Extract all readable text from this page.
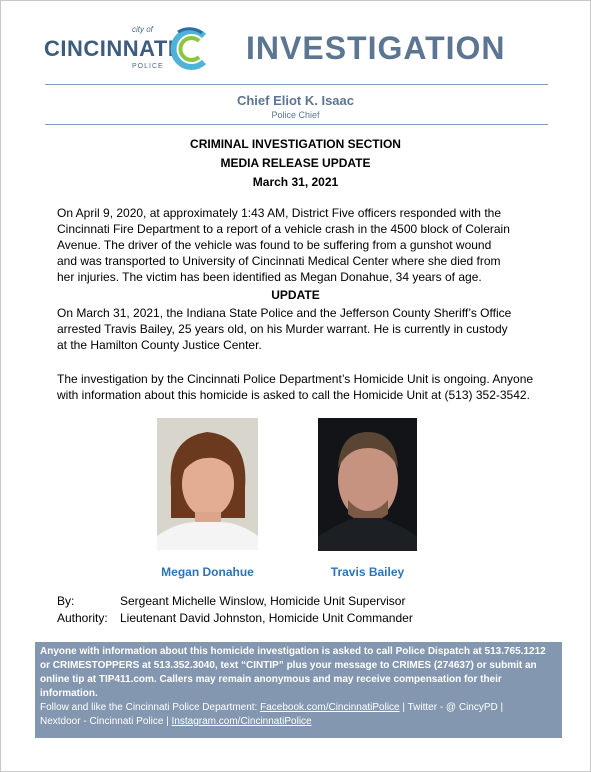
city of
CINCINNATI
POLICE
INVESTIGATION
Chief Eliot K. Isaac
Police Chief
CRIMINAL INVESTIGATION SECTION
MEDIA RELEASE UPDATE
March 31, 2021
On April 9, 2020, at approximately 1:43 AM, District Five officers responded with the
Cincinnati Fire Department to a report of a vehicle crash in the 4500 block of Colerain
Avenue. The driver of the vehicle was found to be suffering from a gunshot wound
and was transported to University of Cincinnati Medical Center where she died from
her injuries. The victim has been identified as Megan Donahue, 34 years of age.
UPDATE
On March 31, 2021, the Indiana State Police and the Jefferson County Sheriff’s Office
arrested Travis Bailey, 25 years old, on his Murder warrant. He is currently in custody
at the Hamilton County Justice Center.
The investigation by the Cincinnati Police Department’s Homicide Unit is ongoing. Anyone
with information about this homicide is asked to call the Homicide Unit at (513) 352-3542.
Megan Donahue	Travis Bailey
By:	Sergeant Michelle Winslow, Homicide Unit Supervisor
Authority: Lieutenant David Johnston, Homicide Unit Commander
Anyone with information about this homicide investigation is asked to call Police Dispatch at 513.765.1212
or CRIMESTOPPERS at 513.352.3040, text “CINTIP” plus your message to CRIMES (274637) or submit an
online tip at TIP411.com. Callers may remain anonymous and may receive compensation for their
information.
Follow and like the Cincinnati Police Department: Facebook.com/CincinnatiPolice | Twitter - @ CincyPD |
Nextdoor - Cincinnati Police | Instagram.com/CincinnatiPolice
